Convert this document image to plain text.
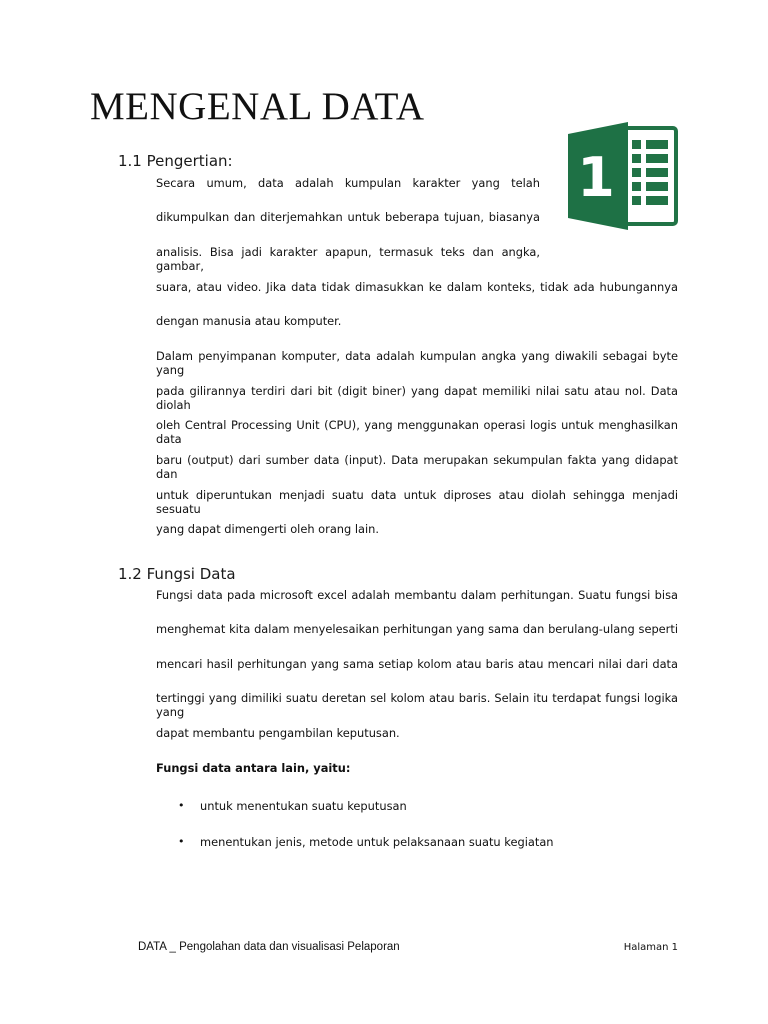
MENGENAL DATA
1
1.1 Pengertian:
Secara umum, data adalah kumpulan karakter yang telah
dikumpulkan dan diterjemahkan untuk beberapa tujuan, biasanya
analisis. Bisa jadi karakter apapun, termasuk teks dan angka, gambar,
suara, atau video. Jika data tidak dimasukkan ke dalam konteks, tidak ada hubungannya
dengan manusia atau komputer.
Dalam penyimpanan komputer, data adalah kumpulan angka yang diwakili sebagai byte yang
pada gilirannya terdiri dari bit (digit biner) yang dapat memiliki nilai satu atau nol. Data diolah
oleh Central Processing Unit (CPU), yang menggunakan operasi logis untuk menghasilkan data
baru (output) dari sumber data (input). Data merupakan sekumpulan fakta yang didapat dan
untuk diperuntukan menjadi suatu data untuk diproses atau diolah sehingga menjadi sesuatu
yang dapat dimengerti oleh orang lain.
1.2 Fungsi Data
Fungsi data pada microsoft excel adalah membantu dalam perhitungan. Suatu fungsi bisa
menghemat kita dalam menyelesaikan perhitungan yang sama dan berulang-ulang seperti
mencari hasil perhitungan yang sama setiap kolom atau baris atau mencari nilai dari data
tertinggi yang dimiliki suatu deretan sel kolom atau baris. Selain itu terdapat fungsi logika yang
dapat membantu pengambilan keputusan.
Fungsi data antara lain, yaitu:
• untuk menentukan suatu keputusan
• menentukan jenis, metode untuk pelaksanaan suatu kegiatan
DATA _ Pengolahan data dan visualisasi Pelaporan	Halaman 1
